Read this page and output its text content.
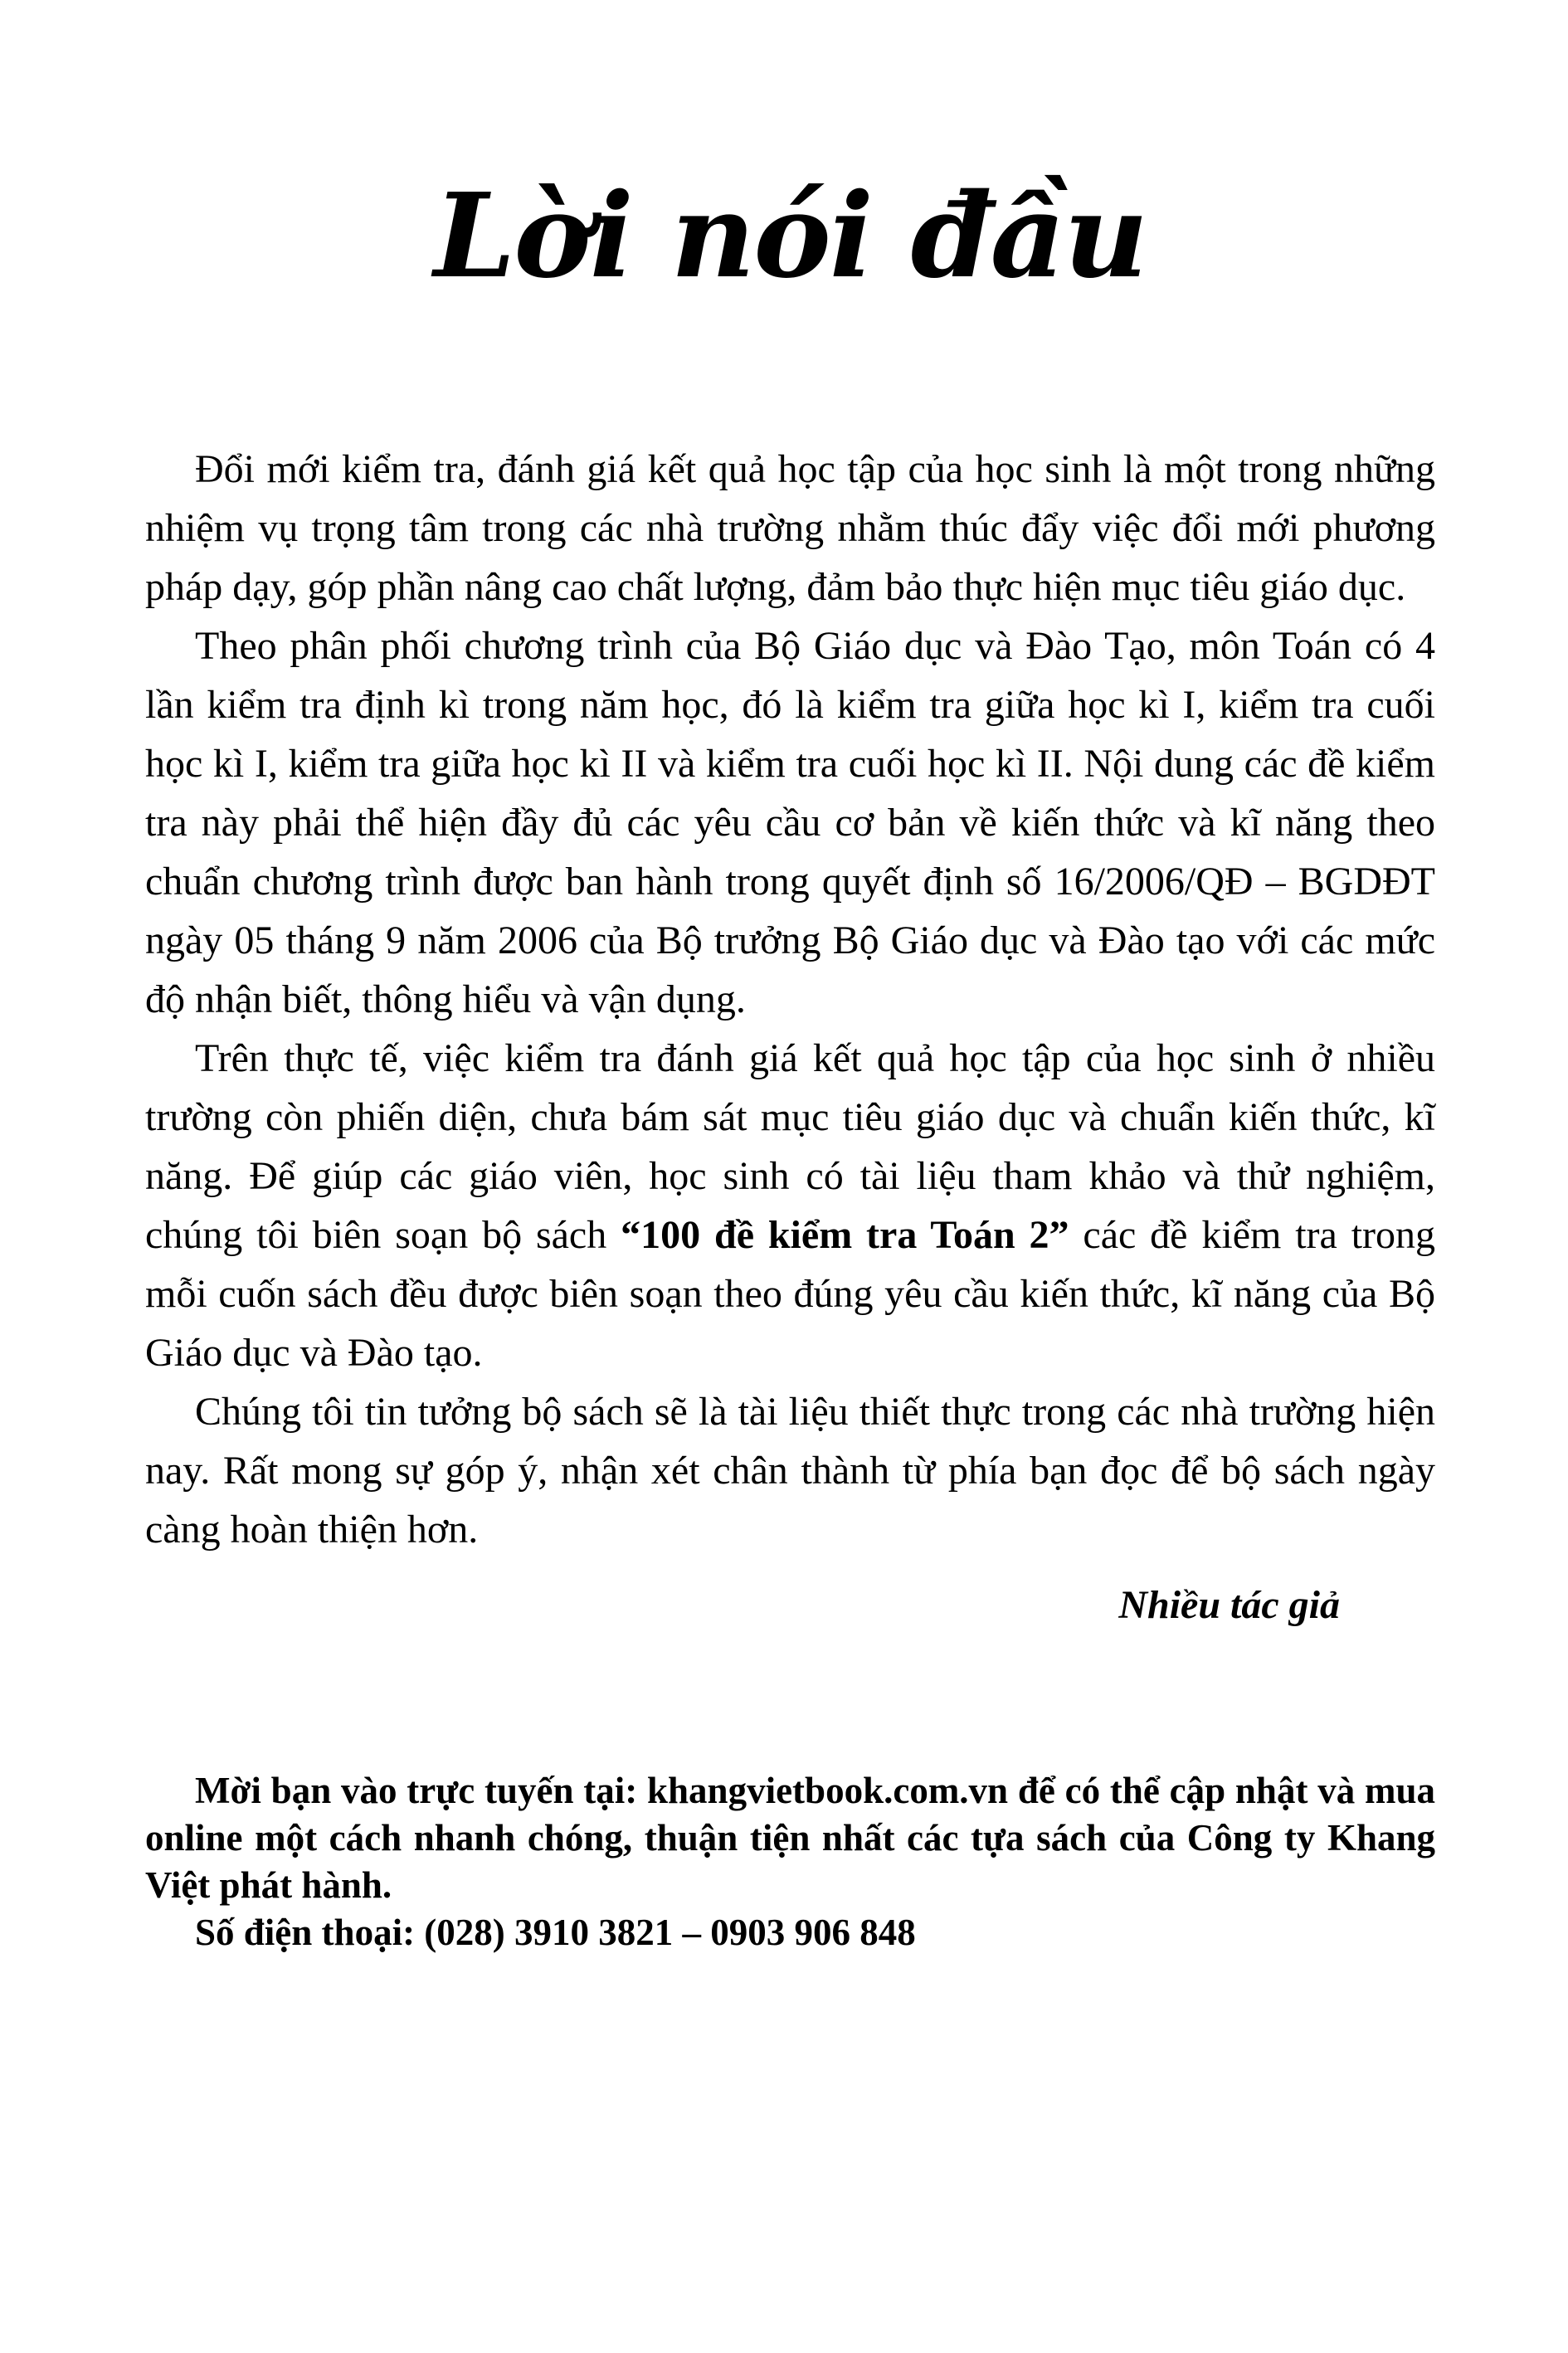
Lời nói đầu

Đổi mới kiểm tra, đánh giá kết quả học tập của học sinh là một trong những nhiệm vụ trọng tâm trong các nhà trường nhằm thúc đẩy việc đổi mới phương pháp dạy, góp phần nâng cao chất lượng, đảm bảo thực hiện mục tiêu giáo dục.

Theo phân phối chương trình của Bộ Giáo dục và Đào Tạo, môn Toán có 4 lần kiểm tra định kì trong năm học, đó là kiểm tra giữa học kì I, kiểm tra cuối học kì I, kiểm tra giữa học kì II và kiểm tra cuối học kì II. Nội dung các đề kiểm tra này phải thể hiện đầy đủ các yêu cầu cơ bản về kiến thức và kĩ năng theo chuẩn chương trình được ban hành trong quyết định số 16/2006/QĐ – BGDĐT ngày 05 tháng 9 năm 2006 của Bộ trưởng Bộ Giáo dục và Đào tạo với các mức độ nhận biết, thông hiểu và vận dụng.

Trên thực tế, việc kiểm tra đánh giá kết quả học tập của học sinh ở nhiều trường còn phiến diện, chưa bám sát mục tiêu giáo dục và chuẩn kiến thức, kĩ năng. Để giúp các giáo viên, học sinh có tài liệu tham khảo và thử nghiệm, chúng tôi biên soạn bộ sách “100 đề kiểm tra Toán 2” các đề kiểm tra trong mỗi cuốn sách đều được biên soạn theo đúng yêu cầu kiến thức, kĩ năng của Bộ Giáo dục và Đào tạo.

Chúng tôi tin tưởng bộ sách sẽ là tài liệu thiết thực trong các nhà trường hiện nay. Rất mong sự góp ý, nhận xét chân thành từ phía bạn đọc để bộ sách ngày càng hoàn thiện hơn.

Nhiều tác giả

Mời bạn vào trực tuyến tại: khangvietbook.com.vn để có thể cập nhật và mua online một cách nhanh chóng, thuận tiện nhất các tựa sách của Công ty Khang Việt phát hành.

Số điện thoại: (028) 3910 3821 – 0903 906 848
